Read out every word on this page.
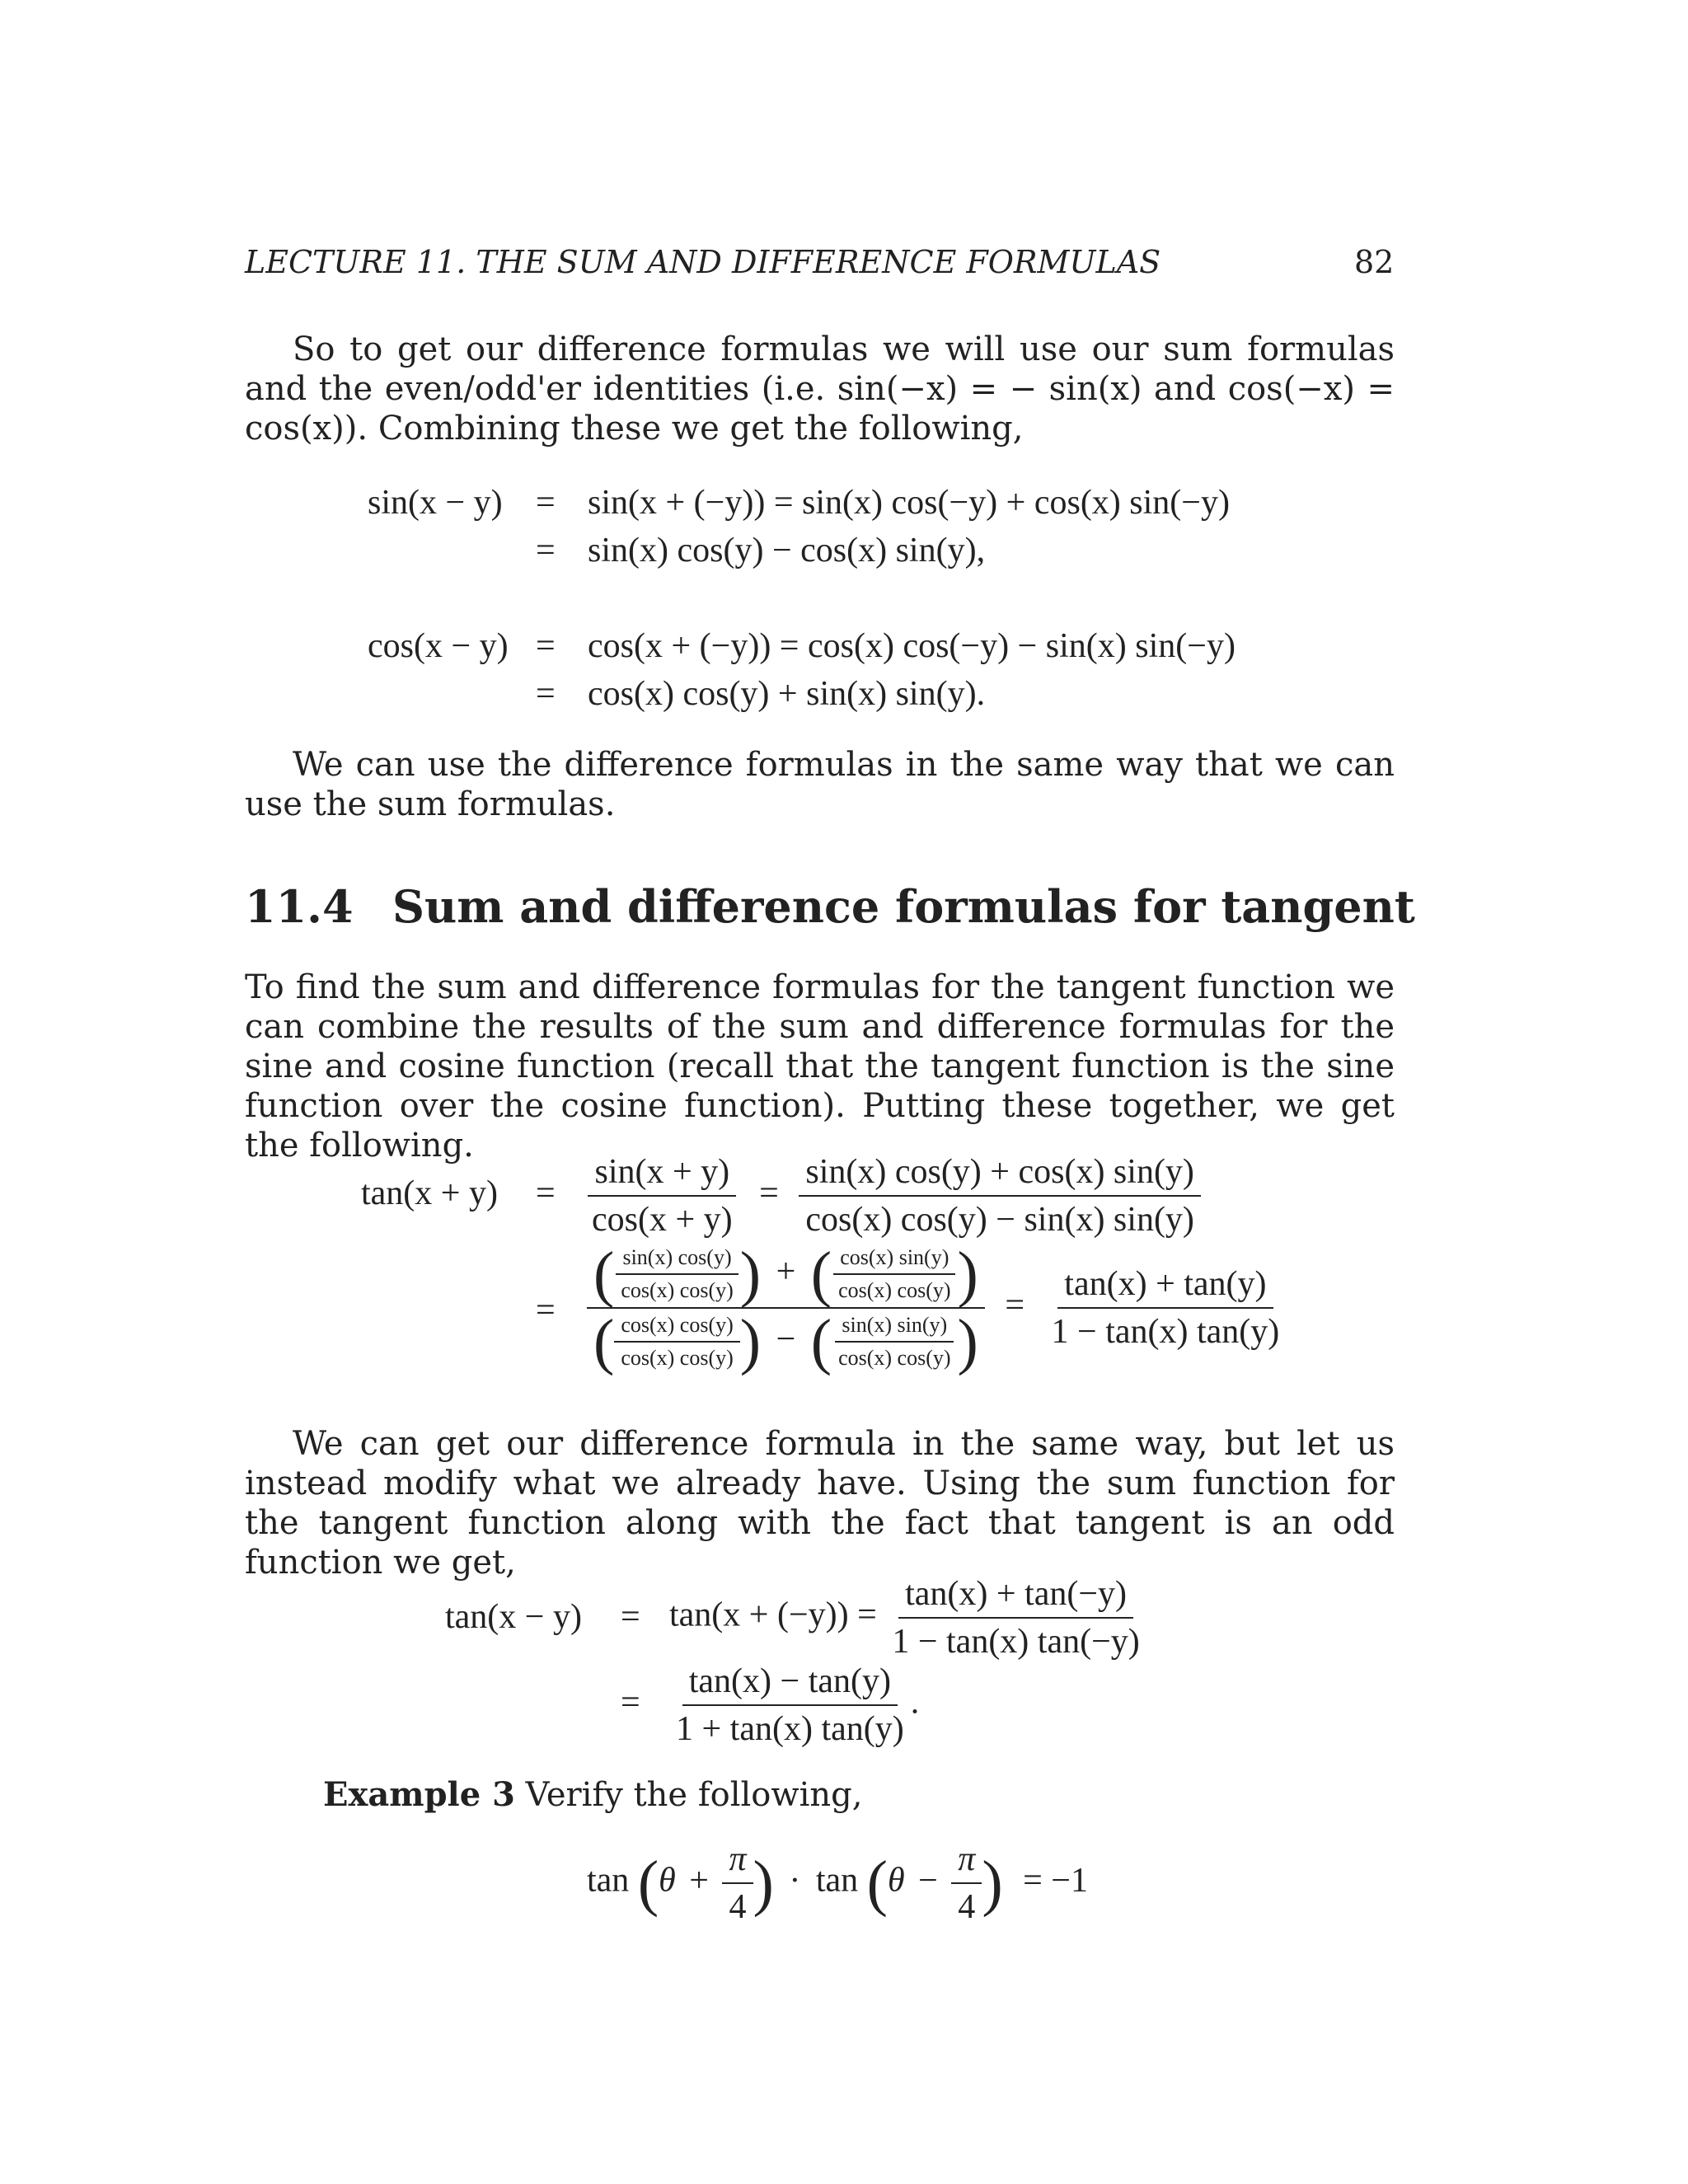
LECTURE 11. THE SUM AND DIFFERENCE FORMULAS	82
So to get our difference formulas we will use our sum formulas and the even/odd'er identities (i.e. sin(−x) = − sin(x) and cos(−x) = cos(x)). Combining these we get the following,
sin(x − y) = sin(x + (−y)) = sin(x) cos(−y) + cos(x) sin(−y)
= sin(x) cos(y) − cos(x) sin(y),
cos(x − y) = cos(x + (−y)) = cos(x) cos(−y) − sin(x) sin(−y)
= cos(x) cos(y) + sin(x) sin(y).
We can use the difference formulas in the same way that we can use the sum formulas.
11.4 Sum and difference formulas for tangent
To find the sum and difference formulas for the tangent function we can combine the results of the sum and difference formulas for the sine and cosine function (recall that the tangent function is the sine function over the cosine function). Putting these together, we get the following.
$\tan(x + y) = \frac{\sin(x + y)}{\cos(x + y)} = \frac{\sin(x) \cos(y) + \cos(x) \sin(y)}{\cos(x) \cos(y) - \sin(x) \sin(y)}$
=
( $\frac{\sin(x) \cos(y)}{\cos(x) \cos(y)}$ ) + ( $\frac{\cos(x) \sin(y)}{\cos(x) \cos(y)}$ )
( $\frac{\cos(x) \cos(y)}{\cos(x) \cos(y)}$ ) − ( $\frac{\sin(x) \sin(y)}{\cos(x) \cos(y)}$ )
= $\frac{\tan(x) + \tan(y)}{1 - \tan(x) \tan(y)}$
We can get our difference formula in the same way, but let us instead modify what we already have. Using the sum function for the tangent function along with the fact that tangent is an odd function we get,
$\tan(x - y) = \tan(x + (-y)) = \frac{\tan(x) + \tan(-y)}{1 - \tan(x) \tan(-y)}$
= $\frac{\tan(x) - \tan(y)}{1 + \tan(x) \tan(y)}$ .
Example 3 Verify the following,
$\tan (\theta + \frac{\pi}{4}$ ) · $\tan (\theta - \frac{\pi}{4}$ ) = −1
